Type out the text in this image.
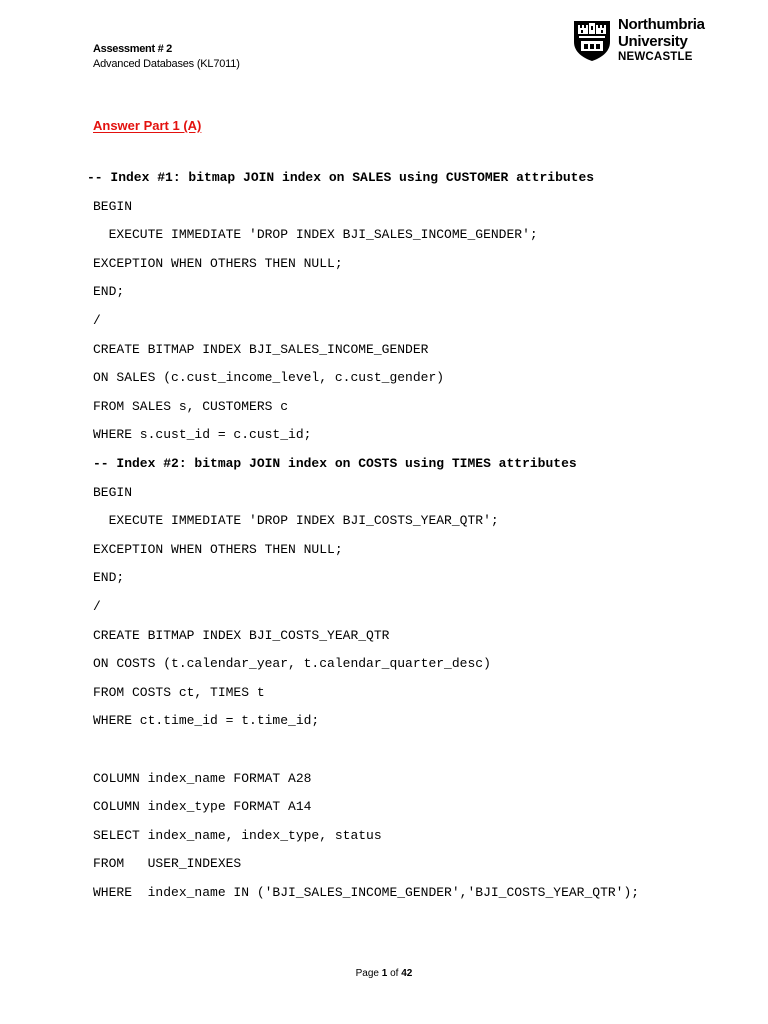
Assessment # 2
Advanced Databases (KL7011)
Northumbria
University
NEWCASTLE
Answer Part 1 (A)
-- Index #1: bitmap JOIN index on SALES using CUSTOMER attributes
BEGIN
EXECUTE IMMEDIATE 'DROP INDEX BJI_SALES_INCOME_GENDER';
EXCEPTION WHEN OTHERS THEN NULL;
END;
/
CREATE BITMAP INDEX BJI_SALES_INCOME_GENDER
ON SALES (c.cust_income_level, c.cust_gender)
FROM SALES s, CUSTOMERS c
WHERE s.cust_id = c.cust_id;
-- Index #2: bitmap JOIN index on COSTS using TIMES attributes
BEGIN
EXECUTE IMMEDIATE 'DROP INDEX BJI_COSTS_YEAR_QTR';
EXCEPTION WHEN OTHERS THEN NULL;
END;
/
CREATE BITMAP INDEX BJI_COSTS_YEAR_QTR
ON COSTS (t.calendar_year, t.calendar_quarter_desc)
FROM COSTS ct, TIMES t
WHERE ct.time_id = t.time_id;
COLUMN index_name FORMAT A28
COLUMN index_type FORMAT A14
SELECT index_name, index_type, status
FROM   USER_INDEXES
WHERE  index_name IN ('BJI_SALES_INCOME_GENDER','BJI_COSTS_YEAR_QTR');
Page 1 of 42
